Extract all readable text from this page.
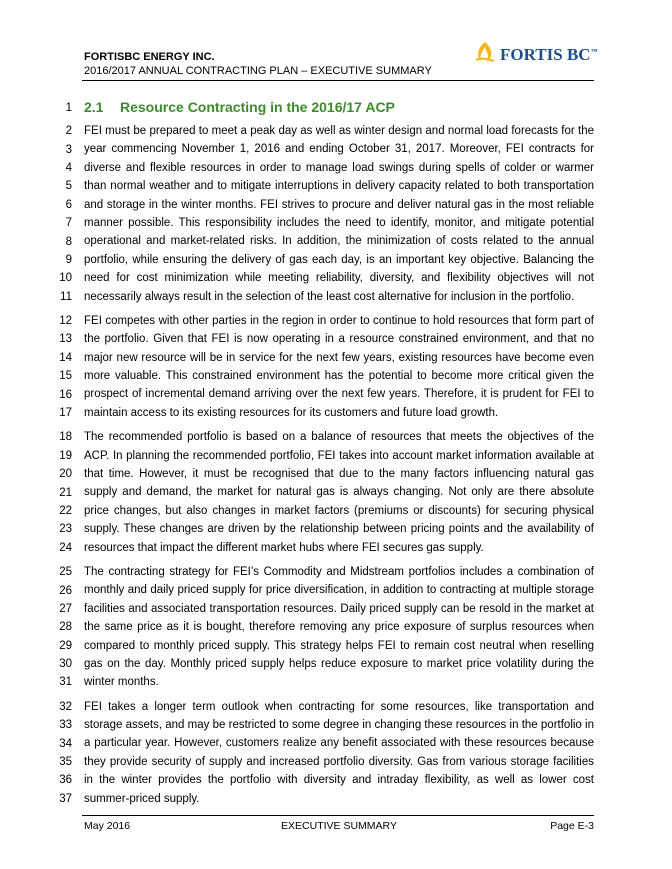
FORTISBC ENERGY INC.
2016/2017 ANNUAL CONTRACTING PLAN – EXECUTIVE SUMMARY
FORTIS BC™
1 2.1 Resource Contracting in the 2016/17 ACP

FEI must be prepared to meet a peak day as well as winter design and normal load forecasts for the year commencing November 1, 2016 and ending October 31, 2017. Moreover, FEI contracts for diverse and flexible resources in order to manage load swings during spells of colder or warmer than normal weather and to mitigate interruptions in delivery capacity related to both transportation and storage in the winter months. FEI strives to procure and deliver natural gas in the most reliable manner possible. This responsibility includes the need to identify, monitor, and mitigate potential operational and market-related risks. In addition, the minimization of costs related to the annual portfolio, while ensuring the delivery of gas each day, is an important key objective. Balancing the need for cost minimization while meeting reliability, diversity, and flexibility objectives will not necessarily always result in the selection of the least cost alternative for inclusion in the portfolio.

FEI competes with other parties in the region in order to continue to hold resources that form part of the portfolio. Given that FEI is now operating in a resource constrained environment, and that no major new resource will be in service for the next few years, existing resources have become even more valuable. This constrained environment has the potential to become more critical given the prospect of incremental demand arriving over the next few years. Therefore, it is prudent for FEI to maintain access to its existing resources for its customers and future load growth.

The recommended portfolio is based on a balance of resources that meets the objectives of the ACP. In planning the recommended portfolio, FEI takes into account market information available at that time. However, it must be recognised that due to the many factors influencing natural gas supply and demand, the market for natural gas is always changing. Not only are there absolute price changes, but also changes in market factors (premiums or discounts) for securing physical supply. These changes are driven by the relationship between pricing points and the availability of resources that impact the different market hubs where FEI secures gas supply.

The contracting strategy for FEI’s Commodity and Midstream portfolios includes a combination of monthly and daily priced supply for price diversification, in addition to contracting at multiple storage facilities and associated transportation resources. Daily priced supply can be resold in the market at the same price as it is bought, therefore removing any price exposure of surplus resources when compared to monthly priced supply. This strategy helps FEI to remain cost neutral when reselling gas on the day. Monthly priced supply helps reduce exposure to market price volatility during the winter months.

May 2016	EXECUTIVE SUMMARY	Page E-3

FEI takes a longer term outlook when contracting for some resources, like transportation and storage assets, and may be restricted to some degree in changing these resources in the portfolio in a particular year. However, customers realize any benefit associated with these resources because they provide security of supply and increased portfolio diversity. Gas from various storage facilities in the winter provides the portfolio with diversity and intraday flexibility, as well as lower cost summer-priced supply.

2
3
4
5
6
7
8
9
10
11
12
13
14
15
16
17
18
19
20
21
22
23
24
25
26
27
28
29
30
31
32
33
34
35
36
37
